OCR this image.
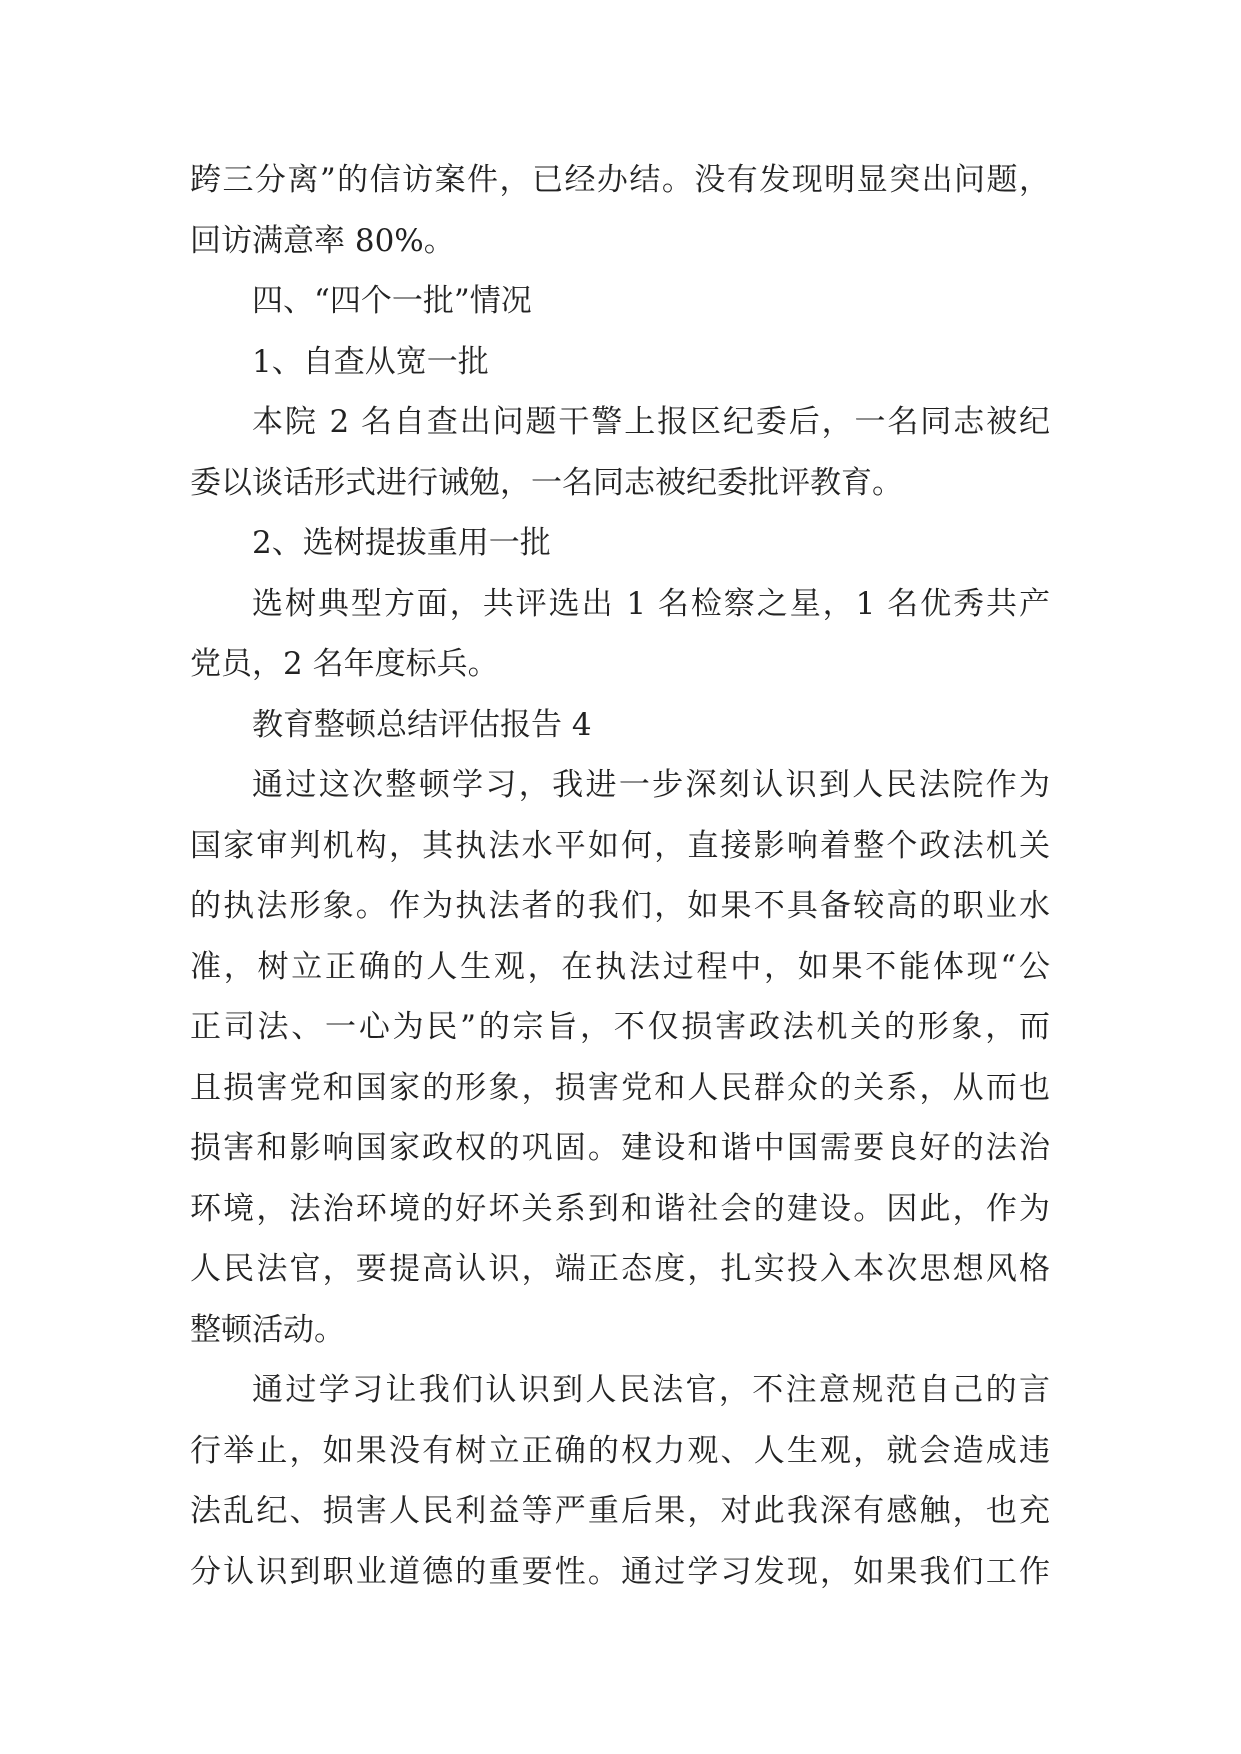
跨三分离”的信访案件，已经办结。没有发现明显突出问题，
回访满意率 80%。
四、“四个一批”情况
1、自查从宽一批
本院 2 名自查出问题干警上报区纪委后，一名同志被纪
委以谈话形式进行诫勉，一名同志被纪委批评教育。
2、选树提拔重用一批
选树典型方面，共评选出 1 名检察之星，1 名优秀共产
党员，2 名年度标兵。
教育整顿总结评估报告 4
通过这次整顿学习，我进一步深刻认识到人民法院作为
国家审判机构，其执法水平如何，直接影响着整个政法机关
的执法形象。作为执法者的我们，如果不具备较高的职业水
准，树立正确的人生观，在执法过程中，如果不能体现“公
正司法、一心为民”的宗旨，不仅损害政法机关的形象，而
且损害党和国家的形象，损害党和人民群众的关系，从而也
损害和影响国家政权的巩固。建设和谐中国需要良好的法治
环境，法治环境的好坏关系到和谐社会的建设。因此，作为
人民法官，要提高认识，端正态度，扎实投入本次思想风格
整顿活动。
通过学习让我们认识到人民法官，不注意规范自己的言
行举止，如果没有树立正确的权力观、人生观，就会造成违
法乱纪、损害人民利益等严重后果，对此我深有感触，也充
分认识到职业道德的重要性。通过学习发现，如果我们工作
